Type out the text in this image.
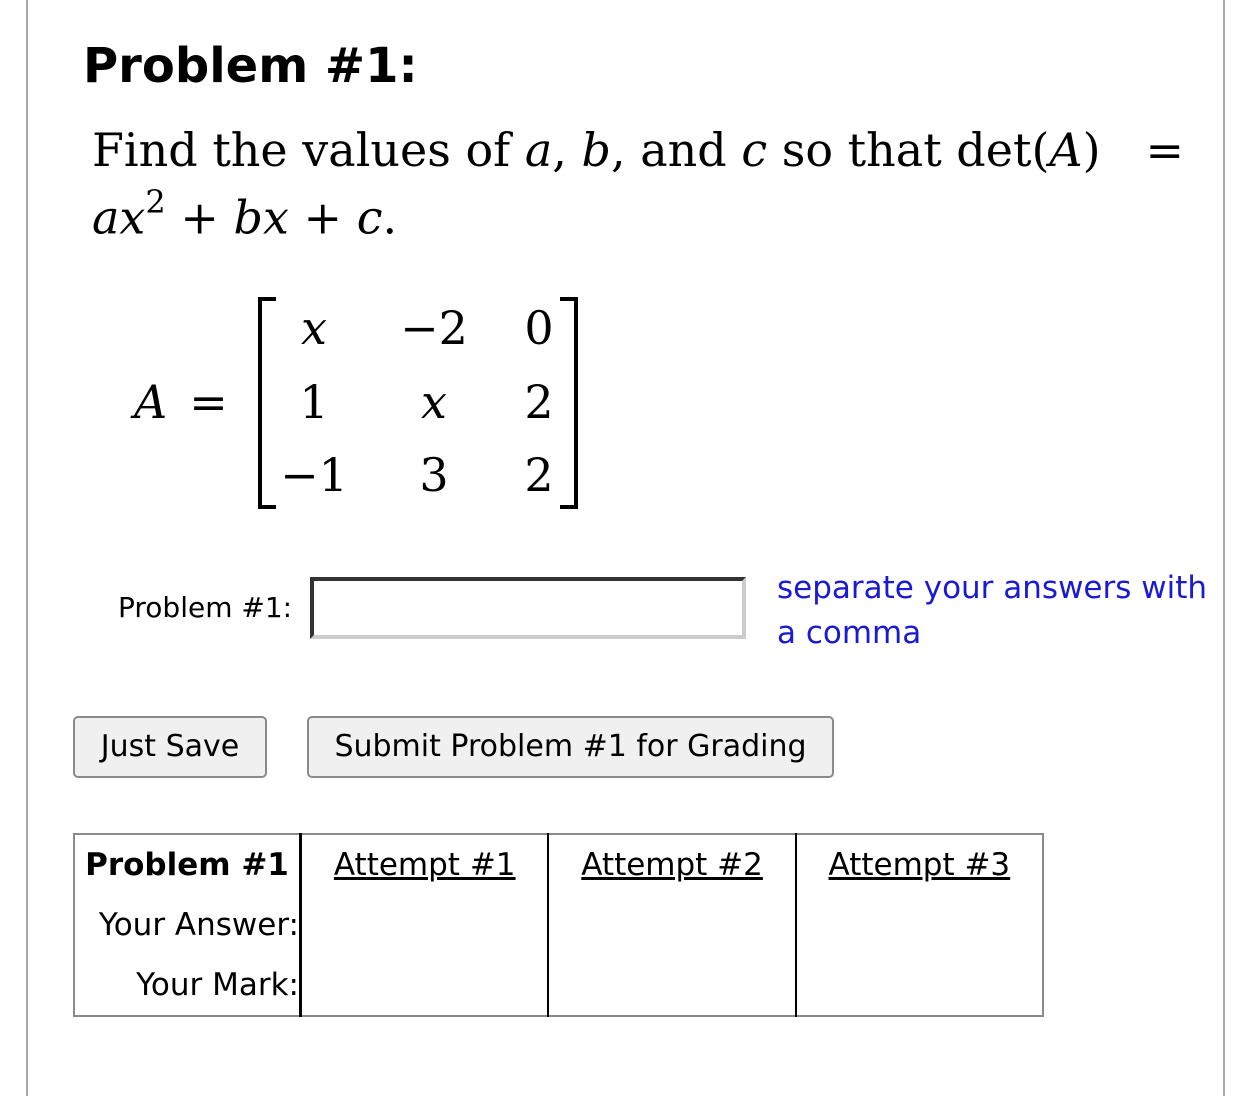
Problem #1:
=
Find the values of a, b, and c so that det(A)
$ax^2$ + bx + c.
A =
x	−2	0
1	x	2
−1	3	2
Problem #1:
separate your answers with a comma
Just Save	Submit Problem #1 for Grading
Problem #1	Attempt #1	Attempt #2	Attempt #3
Your Answer:			
Your Mark:			
